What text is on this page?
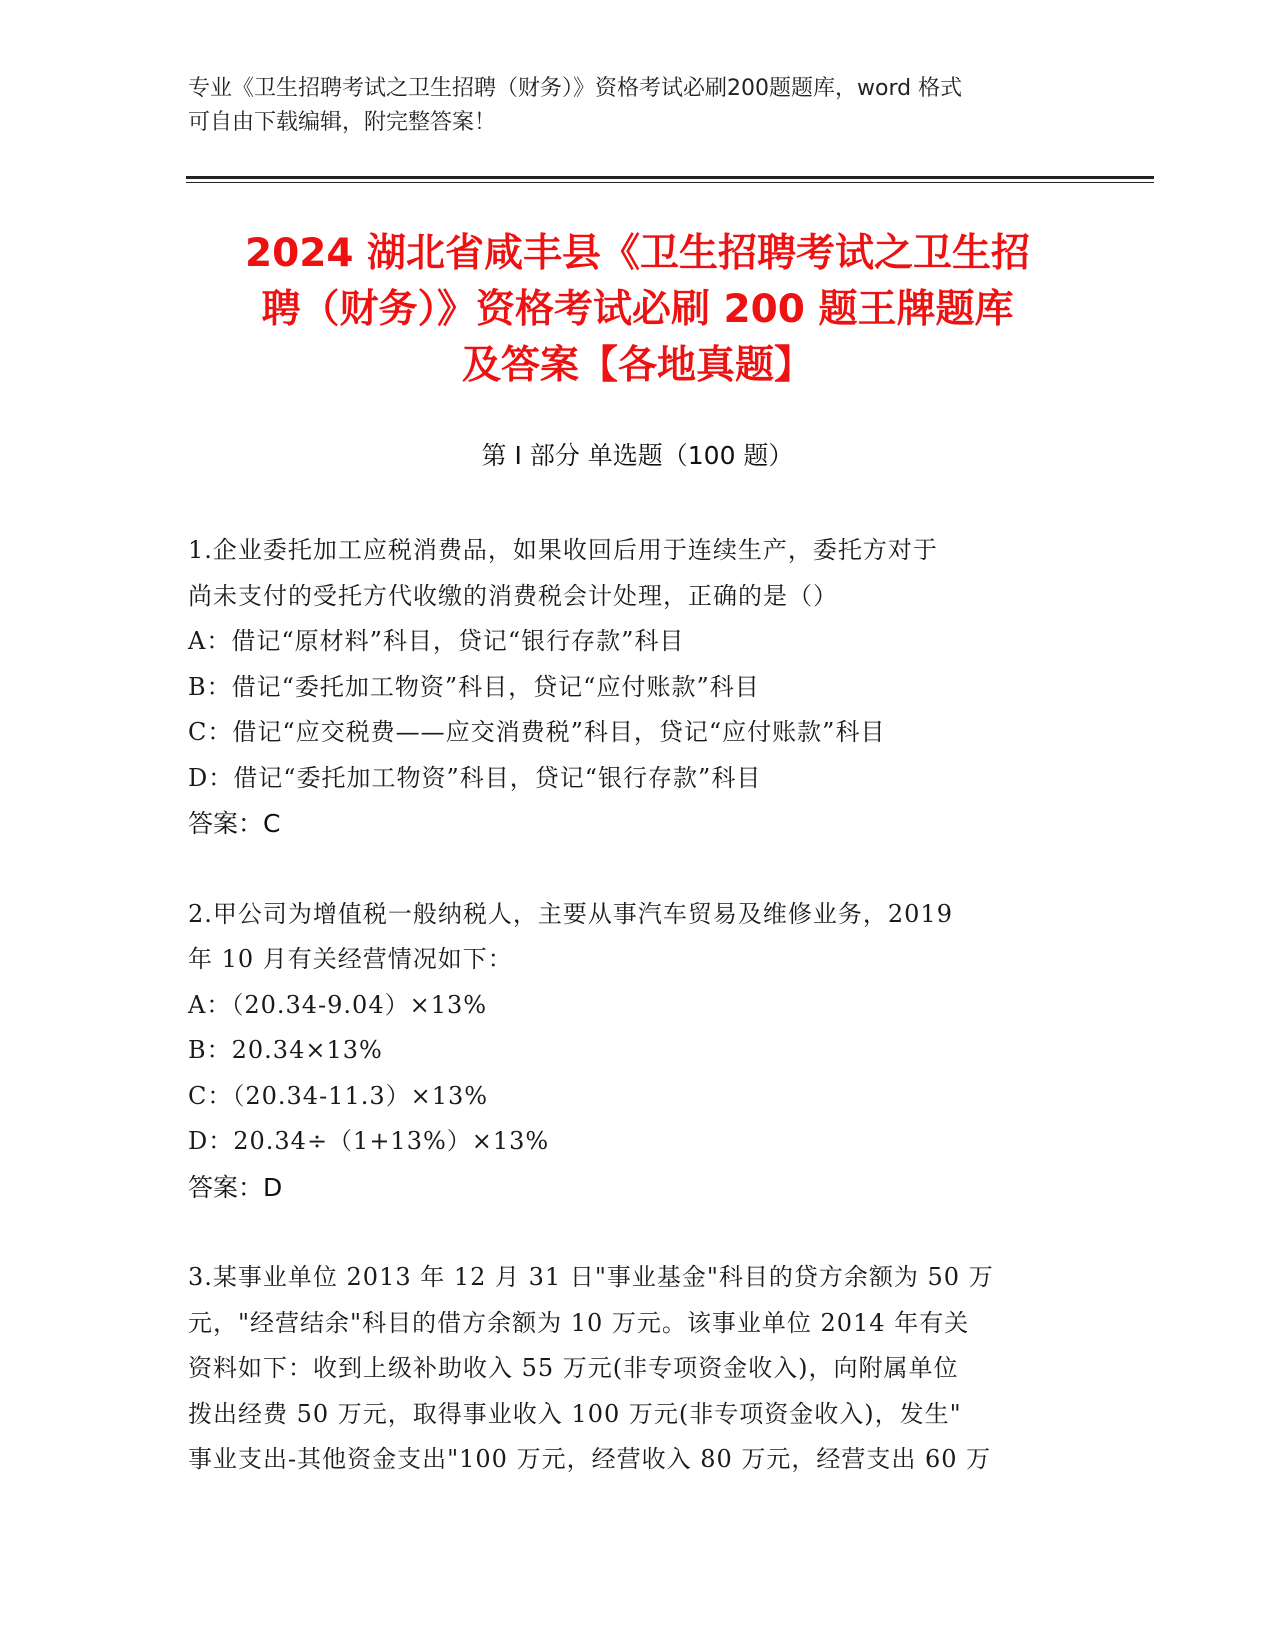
专业《卫生招聘考试之卫生招聘（财务）》资格考试必刷200题题库，word 格式
可自由下载编辑，附完整答案！
2024 湖北省咸丰县《卫生招聘考试之卫生招
聘（财务）》资格考试必刷 200 题王牌题库
及答案【各地真题】
第 I 部分 单选题（100 题）
1.企业委托加工应税消费品，如果收回后用于连续生产，委托方对于
尚未支付的受托方代收缴的消费税会计处理，正确的是（）
A：借记“原材料”科目，贷记“银行存款”科目
B：借记“委托加工物资”科目，贷记“应付账款”科目
C：借记“应交税费——应交消费税”科目，贷记“应付账款”科目
D：借记“委托加工物资”科目，贷记“银行存款”科目
答案：C
2.甲公司为增值税一般纳税人，主要从事汽车贸易及维修业务，2019
年 10 月有关经营情况如下：
A：（20.34-9.04）×13%
B：20.34×13%
C：（20.34-11.3）×13%
D：20.34÷（1+13%）×13%
答案：D
3.某事业单位 2013 年 12 月 31 日"事业基金"科目的贷方余额为 50 万
元，"经营结余"科目的借方余额为 10 万元。该事业单位 2014 年有关
资料如下：收到上级补助收入 55 万元(非专项资金收入)，向附属单位
拨出经费 50 万元，取得事业收入 100 万元(非专项资金收入)，发生"
事业支出-其他资金支出"100 万元，经营收入 80 万元，经营支出 60 万
